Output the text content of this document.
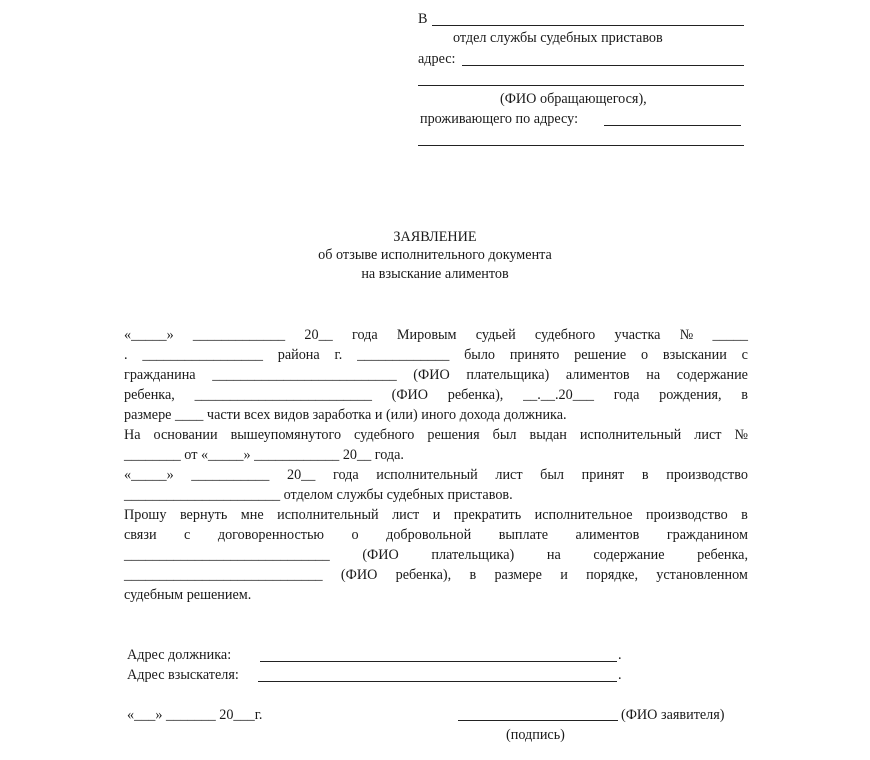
В
отдел службы судебных приставов
адрес:
(ФИО обращающегося),
проживающего по адресу:
ЗАЯВЛЕНИЕ
об отзыве исполнительного документа
на взыскание алиментов
«_____» _____________ 20__ года Мировым судьей судебного участка № _____
. _________________ района г. _____________ было принято решение о взыскании с
гражданина __________________________ (ФИО плательщика) алиментов на содержание
ребенка, _________________________ (ФИО ребенка), __.__.20___ года рождения, в
размере ____ части всех видов заработка и (или) иного дохода должника.
На основании вышеупомянутого судебного решения был выдан исполнительный лист №
________ от «_____» ____________ 20__ года.
«_____» ___________ 20__ года исполнительный лист был принят в производство
______________________ отделом службы судебных приставов.
Прошу вернуть мне исполнительный лист и прекратить исполнительное производство в
связи с договоренностью о добровольной выплате алиментов гражданином
_____________________________ (ФИО плательщика) на содержание ребенка,
____________________________ (ФИО ребенка), в размере и порядке, установленном
судебным решением.
Адрес должника:	.
Адрес взыскателя:	.
«___» _______ 20___г.	(ФИО заявителя)
(подпись)
